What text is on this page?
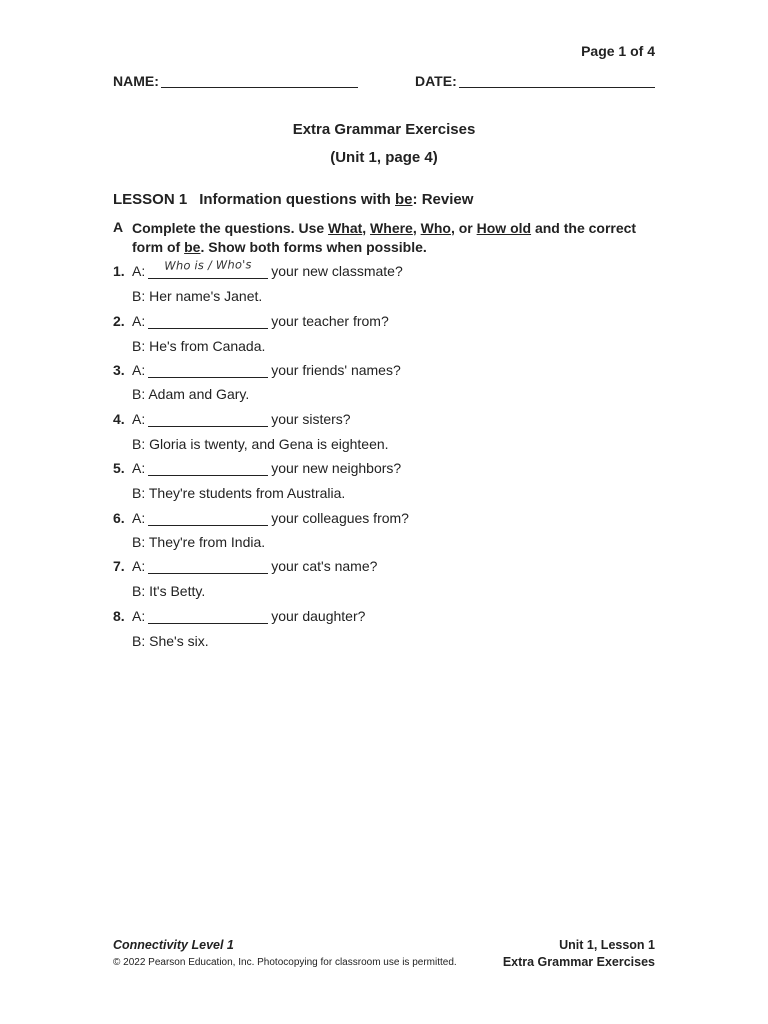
Page 1 of 4
NAME:	DATE:
Extra Grammar Exercises
(Unit 1, page 4)
LESSON 1 Information questions with be: Review
A Complete the questions. Use What, Where, Who, or How old and the correct form of be. Show both forms when possible.
1. A:	Who is / Who's	your new classmate?
B: Her name's Janet.
2. A:	your teacher from?
B: He's from Canada.
3. A:	your friends' names?
B: Adam and Gary.
4. A:	your sisters?
B: Gloria is twenty, and Gena is eighteen.
5. A:	your new neighbors?
B: They're students from Australia.
6. A:	your colleagues from?
B: They're from India.
7. A:	your cat's name?
B: It's Betty.
8. A:	your daughter?
B: She's six.
Connectivity Level 1
© 2022 Pearson Education, Inc. Photocopying for classroom use is permitted.
Unit 1, Lesson 1
Extra Grammar Exercises
